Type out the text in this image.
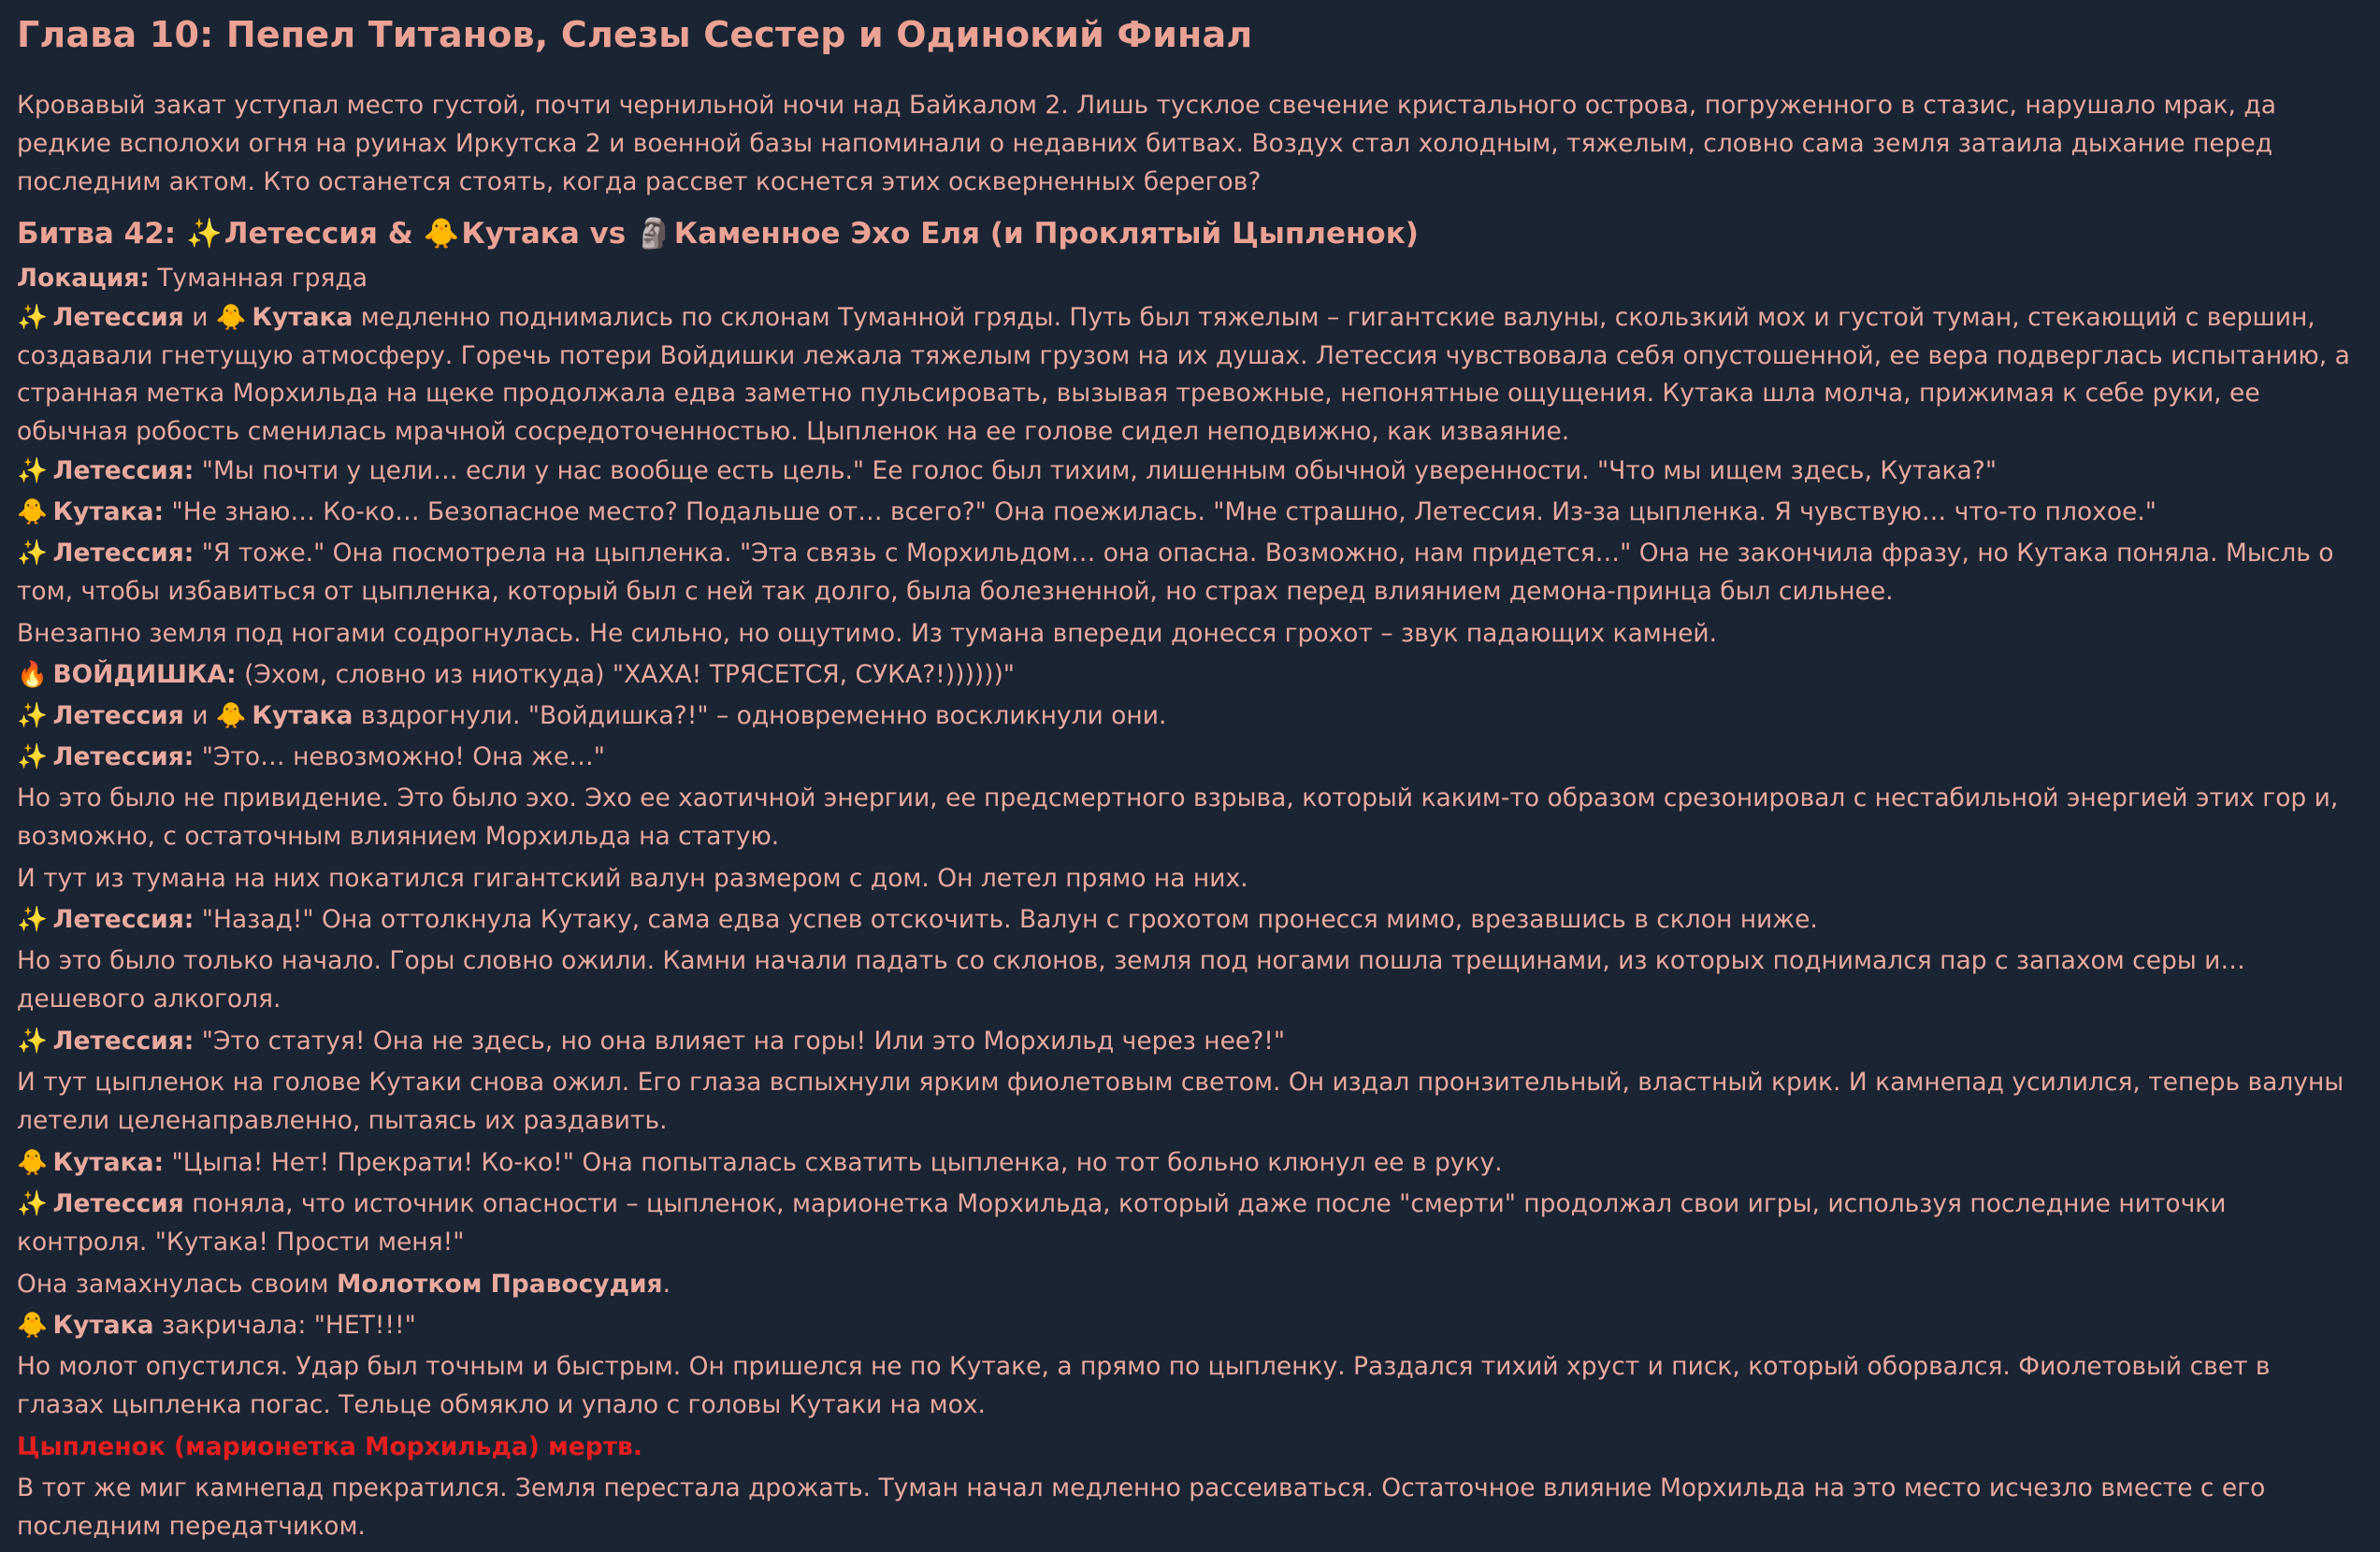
Глава 10: Пепел Титанов, Слезы Сестер и Одинокий Финал

Кровавый закат уступал место густой, почти чернильной ночи над Байкалом 2. Лишь тусклое свечение кристального острова, погруженного в стазис, нарушало мрак, да редкие всполохи огня на руинах Иркутска 2 и военной базы напоминали о недавних битвах. Воздух стал холодным, тяжелым, словно сама земля затаила дыхание перед последним актом. Кто останется стоять, когда рассвет коснется этих оскверненных берегов?

Битва 42: ✨ Летессия & 🐥 Кутака vs 🗿 Каменное Эхо Еля (и Проклятый Цыпленок)

Локация: Туманная гряда

✨ Летессия и 🐥 Кутака медленно поднимались по склонам Туманной гряды. Путь был тяжелым – гигантские валуны, скользкий мох и густой туман, стекающий с вершин, создавали гнетущую атмосферу. Горечь потери Войдишки лежала тяжелым грузом на их душах. Летессия чувствовала себя опустошенной, ее вера подверглась испытанию, а странная метка Морхильда на щеке продолжала едва заметно пульсировать, вызывая тревожные, непонятные ощущения. Кутака шла молча, прижимая к себе руки, ее обычная робость сменилась мрачной сосредоточенностью. Цыпленок на ее голове сидел неподвижно, как изваяние.

✨ Летессия: "Мы почти у цели… если у нас вообще есть цель." Ее голос был тихим, лишенным обычной уверенности. "Что мы ищем здесь, Кутака?"

🐥 Кутака: "Не знаю… Ко-ко… Безопасное место? Подальше от… всего?" Она поежилась. "Мне страшно, Летессия. Из-за цыпленка. Я чувствую… что-то плохое."

✨ Летессия: "Я тоже." Она посмотрела на цыпленка. "Эта связь с Морхильдом… она опасна. Возможно, нам придется…" Она не закончила фразу, но Кутака поняла. Мысль о том, чтобы избавиться от цыпленка, который был с ней так долго, была болезненной, но страх перед влиянием демона-принца был сильнее.

Внезапно земля под ногами содрогнулась. Не сильно, но ощутимо. Из тумана впереди донесся грохот – звук падающих камней.

🔥 ВОЙДИШКА: (Эхом, словно из ниоткуда) "ХАХА! ТРЯСЕТСЯ, СУКА?!))))))"

✨ Летессия и 🐥 Кутака вздрогнули. "Войдишка?!" – одновременно воскликнули они.

✨ Летессия: "Это… невозможно! Она же…"

Но это было не привидение. Это было эхо. Эхо ее хаотичной энергии, ее предсмертного взрыва, который каким-то образом срезонировал с нестабильной энергией этих гор и, возможно, с остаточным влиянием Морхильда на статую.

И тут из тумана на них покатился гигантский валун размером с дом. Он летел прямо на них.

✨ Летессия: "Назад!" Она оттолкнула Кутаку, сама едва успев отскочить. Валун с грохотом пронесся мимо, врезавшись в склон ниже.

Но это было только начало. Горы словно ожили. Камни начали падать со склонов, земля под ногами пошла трещинами, из которых поднимался пар с запахом серы и… дешевого алкоголя.

✨ Летессия: "Это статуя! Она не здесь, но она влияет на горы! Или это Морхильд через нее?!"

И тут цыпленок на голове Кутаки снова ожил. Его глаза вспыхнули ярким фиолетовым светом. Он издал пронзительный, властный крик. И камнепад усилился, теперь валуны летели целенаправленно, пытаясь их раздавить.

🐥 Кутака: "Цыпа! Нет! Прекрати! Ко-ко!" Она попыталась схватить цыпленка, но тот больно клюнул ее в руку.

✨ Летессия поняла, что источник опасности – цыпленок, марионетка Морхильда, который даже после "смерти" продолжал свои игры, используя последние ниточки контроля. "Кутака! Прости меня!"

Она замахнулась своим Молотком Правосудия.

🐥 Кутака закричала: "НЕТ!!!"

Но молот опустился. Удар был точным и быстрым. Он пришелся не по Кутаке, а прямо по цыпленку. Раздался тихий хруст и писк, который оборвался. Фиолетовый свет в глазах цыпленка погас. Тельце обмякло и упало с головы Кутаки на мох.

Цыпленок (марионетка Морхильда) мертв.

В тот же миг камнепад прекратился. Земля перестала дрожать. Туман начал медленно рассеиваться. Остаточное влияние Морхильда на это место исчезло вместе с его последним передатчиком.
